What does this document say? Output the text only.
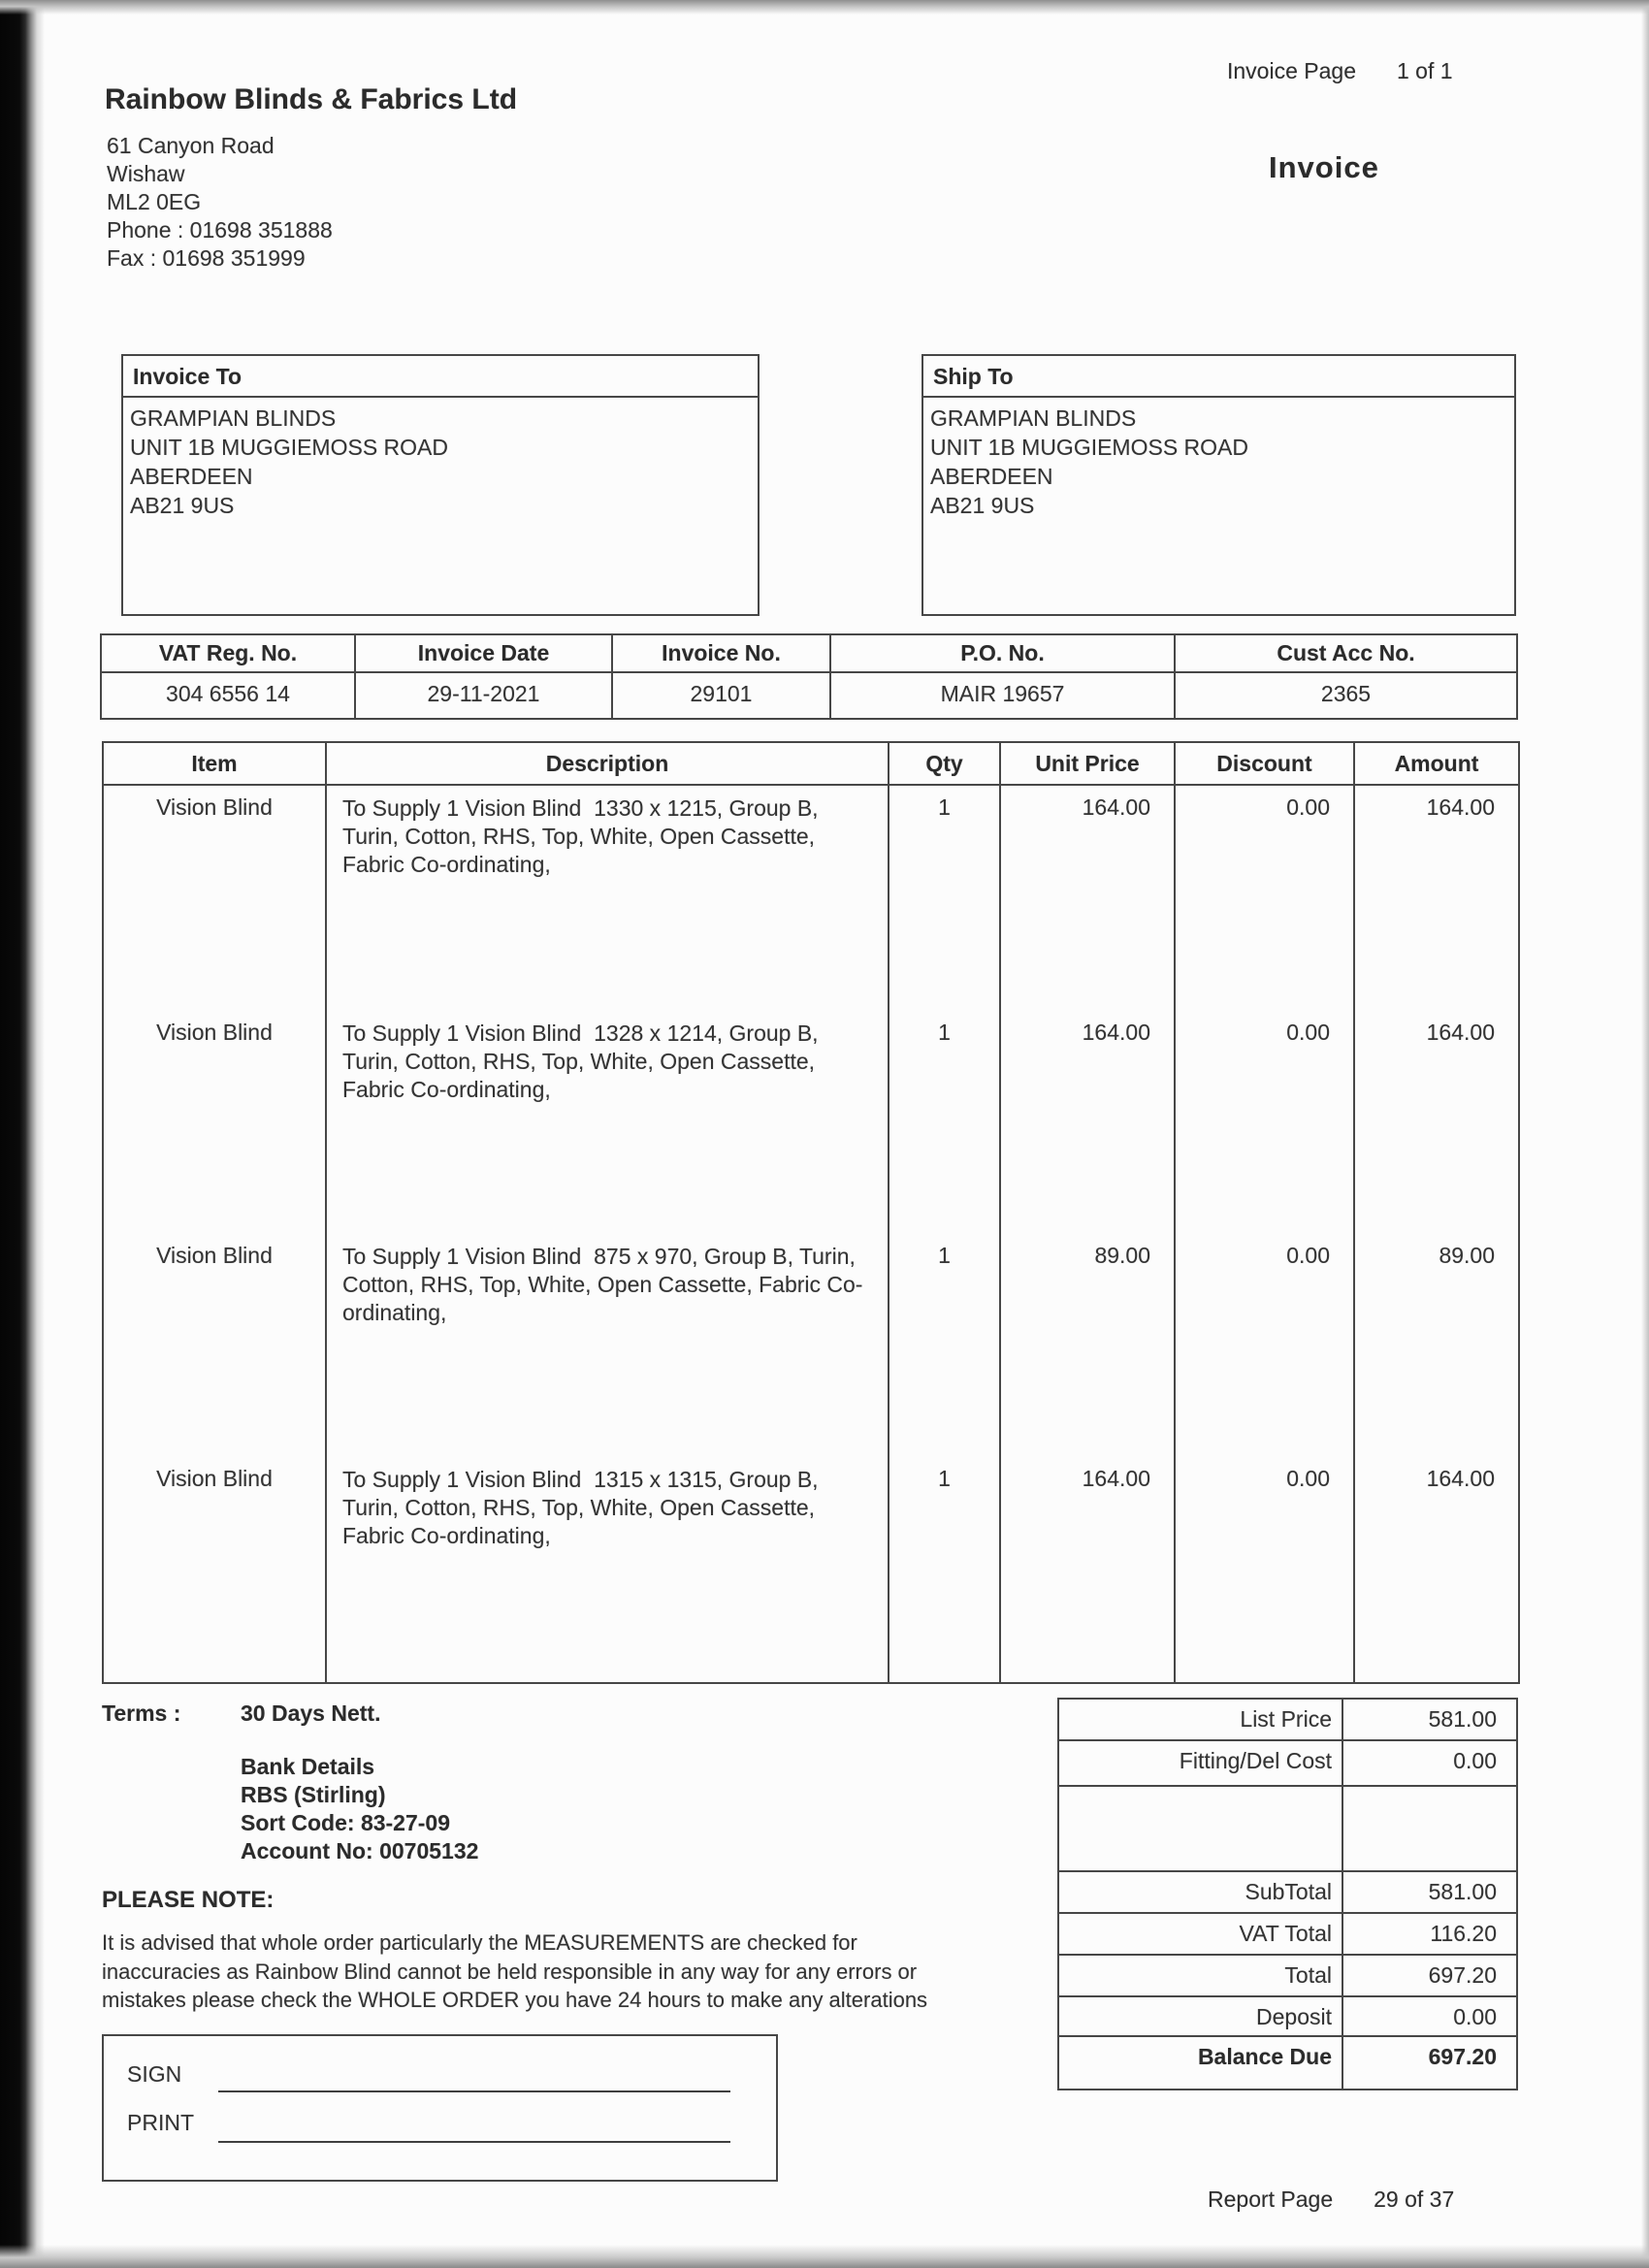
Invoice Page 1 of 1
Rainbow Blinds & Fabrics Ltd
61 Canyon Road
Wishaw
ML2 0EG
Phone : 01698 351888
Fax : 01698 351999
Invoice
Invoice To
GRAMPIAN BLINDS
UNIT 1B MUGGIEMOSS ROAD
ABERDEEN
AB21 9US
Ship To
GRAMPIAN BLINDS
UNIT 1B MUGGIEMOSS ROAD
ABERDEEN
AB21 9US
VAT Reg. No.	Invoice Date	Invoice No.	P.O. No.	Cust Acc No.
304 6556 14	29-11-2021	29101	MAIR 19657	2365
Item	Description	Qty	Unit Price	Discount	Amount
Vision Blind	To Supply 1 Vision Blind  1330 x 1215, Group B, Turin, Cotton, RHS, Top, White, Open Cassette, Fabric Co-ordinating,	1	164.00	0.00	164.00
Vision Blind	To Supply 1 Vision Blind  1328 x 1214, Group B, Turin, Cotton, RHS, Top, White, Open Cassette, Fabric Co-ordinating,	1	164.00	0.00	164.00
Vision Blind	To Supply 1 Vision Blind  875 x 970, Group B, Turin, Cotton, RHS, Top, White, Open Cassette, Fabric Co-ordinating,	1	89.00	0.00	89.00
Vision Blind	To Supply 1 Vision Blind  1315 x 1315, Group B, Turin, Cotton, RHS, Top, White, Open Cassette, Fabric Co-ordinating,	1	164.00	0.00	164.00

Terms :	30 Days Nett.
Bank Details
RBS (Stirling)
Sort Code: 83-27-09
Account No: 00705132
PLEASE NOTE:
It is advised that whole order particularly the MEASUREMENTS are checked for
inaccuracies as Rainbow Blind cannot be held responsible in any way for any errors or
mistakes please check the WHOLE ORDER you have 24 hours to make any alterations
List Price	581.00
Fitting/Del Cost	0.00
SubTotal	581.00
VAT Total	116.20
Total	697.20
Deposit	0.00
Balance Due	697.20
SIGN
PRINT
Report Page 29 of 37
